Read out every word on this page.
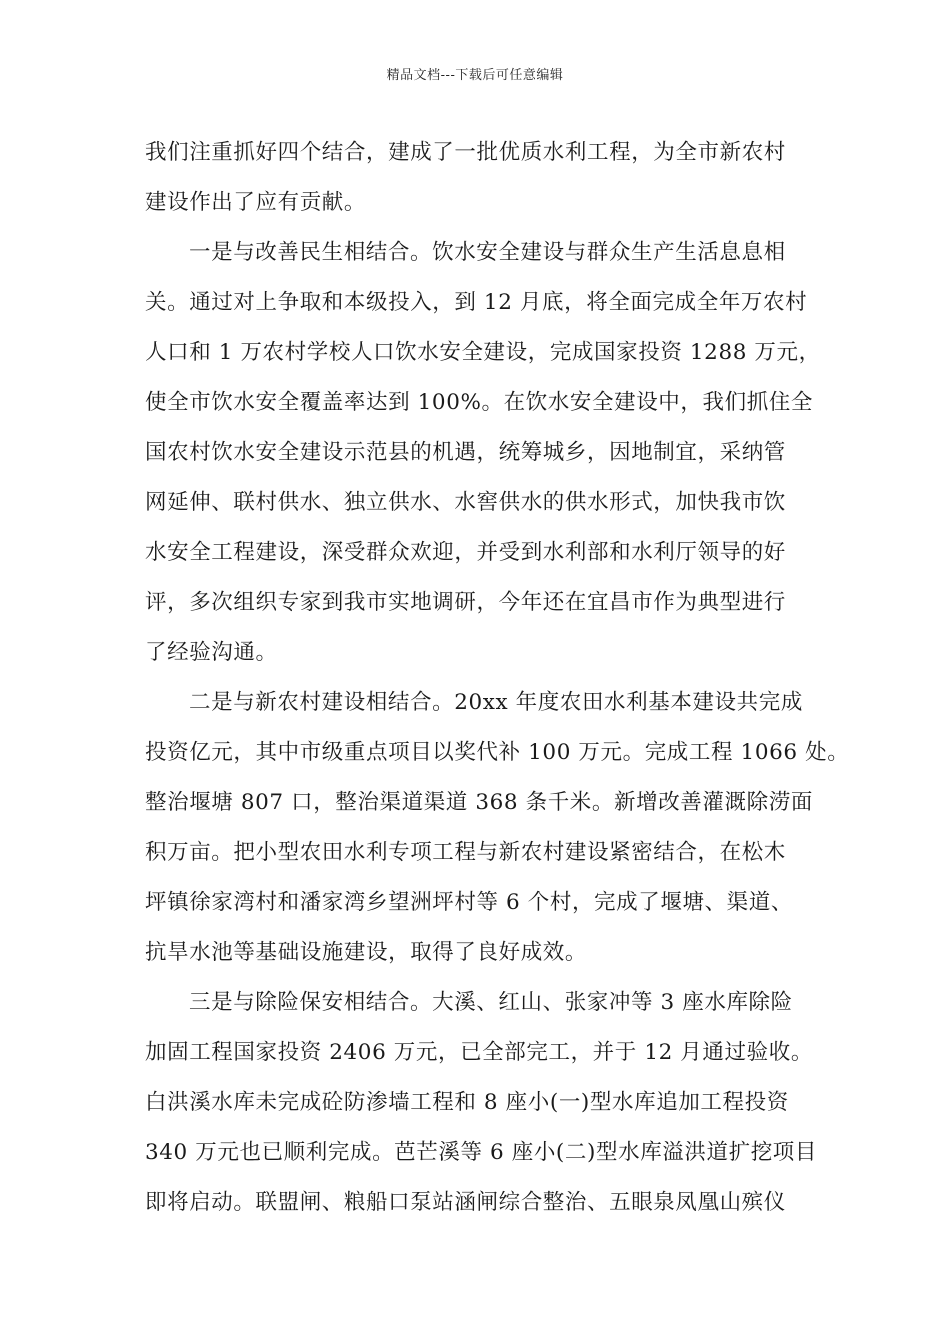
精品文档---下载后可任意编辑
我们注重抓好四个结合，建成了一批优质水利工程，为全市新农村
建设作出了应有贡献。
一是与改善民生相结合。饮水安全建设与群众生产生活息息相
关。通过对上争取和本级投入，到 12 月底，将全面完成全年万农村
人口和 1 万农村学校人口饮水安全建设，完成国家投资 1288 万元，
使全市饮水安全覆盖率达到 100%。在饮水安全建设中，我们抓住全
国农村饮水安全建设示范县的机遇，统筹城乡，因地制宜，采纳管
网延伸、联村供水、独立供水、水窖供水的供水形式，加快我市饮
水安全工程建设，深受群众欢迎，并受到水利部和水利厅领导的好
评，多次组织专家到我市实地调研，今年还在宜昌市作为典型进行
了经验沟通。
二是与新农村建设相结合。20xx 年度农田水利基本建设共完成
投资亿元，其中市级重点项目以奖代补 100 万元。完成工程 1066 处。
整治堰塘 807 口，整治渠道渠道 368 条千米。新增改善灌溉除涝面
积万亩。把小型农田水利专项工程与新农村建设紧密结合，在松木
坪镇徐家湾村和潘家湾乡望洲坪村等 6 个村，完成了堰塘、渠道、
抗旱水池等基础设施建设，取得了良好成效。
三是与除险保安相结合。大溪、红山、张家冲等 3 座水库除险
加固工程国家投资 2406 万元，已全部完工，并于 12 月通过验收。
白洪溪水库未完成砼防渗墙工程和 8 座小(一)型水库追加工程投资
340 万元也已顺利完成。芭芒溪等 6 座小(二)型水库溢洪道扩挖项目
即将启动。联盟闸、粮船口泵站涵闸综合整治、五眼泉凤凰山殡仪
